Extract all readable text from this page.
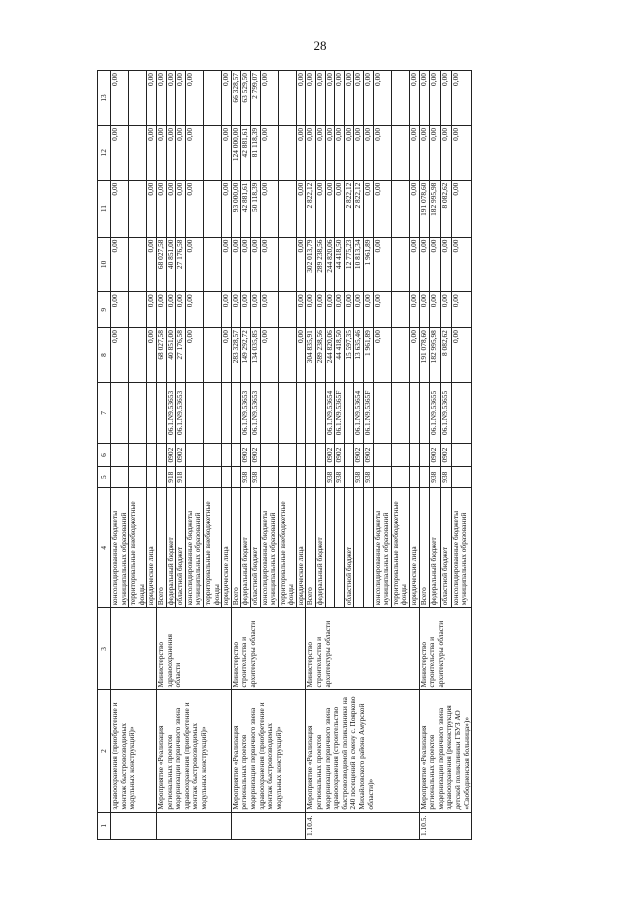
28
1	2	3	4	5	6	7	8	9	10	11	12	13
	здравоохранения (приобретение и монтаж быстровозводимых модульных конструкций)»		консолидированные бюджеты муниципальных образований				0,00	0,00	0,00	0,00	0,00	0,00
			территориальные внебюджетные фонды									
			юридические лица				0,00	0,00	0,00	0,00	0,00	0,00
	Мероприятие «Реализация региональных проектов модернизации первичного звена здравоохранения (приобретение и монтаж быстровозводимых модульных конструкций)»	Министерство здравоохранения области	Всего				68 027,58	0,00	68 027,58	0,00	0,00	0,00
			федеральный бюджет	918	0902	06.1.N9.53653	40 851,00	0,00	40 851,00	0,00	0,00	0,00
			областной бюджет	918	0902	06.1.N9.53653	27 176,58	0,00	27 176,58	0,00	0,00	0,00
			консолидированные бюджеты муниципальных образований				0,00	0,00	0,00	0,00	0,00	0,00
			территориальные внебюджетные фонды									
			юридические лица				0,00	0,00	0,00	0,00	0,00	0,00
	Мероприятие «Реализация региональных проектов модернизации первичного звена здравоохранения (приобретение и монтаж быстровозводимых модульных конструкций)»	Министерство строительства и архитектуры области	Всего				283 328,57	0,00	0,00	93 000,00	124 000,00	66 328,57
			федеральный бюджет	938	0902	06.1.N9.53653	149 292,72	0,00	0,00	42 881,61	42 881,61	63 529,50
			областной бюджет	938	0902	06.1.N9.53653	134 035,85	0,00	0,00	50 118,39	81 118,39	2 799,07
			консолидированные бюджеты муниципальных образований				0,00	0,00	0,00	0,00	0,00	0,00
			территориальные внебюджетные фонды									
			юридические лица				0,00	0,00	0,00	0,00	0,00	0,00
1.10.4.	Мероприятие «Реализация региональных проектов модернизации первичного звена здравоохранения (строительство быстровозводимой поликлиники на 240 посещений в смену с. Поярково Михайловского района Амурской области)»	Министерство строительства и архитектуры области	Всего				304 835,91	0,00	302 013,79	2 822,12	0,00	0,00
			федеральный бюджет				289 238,56	0,00	289 238,56	0,00	0,00	0,00
				938	0902	06.1.N9.53654	244 820,06	0,00	244 820,06	0,00	0,00	0,00
				938	0902	06.1.N9.5365F	44 418,50	0,00	44 418,50	0,00	0,00	0,00
			областной бюджет				15 597,35	0,00	12 775,23	2 822,12	0,00	0,00
				938	0902	06.1.N9.53654	13 635,46	0,00	10 813,34	2 822,12	0,00	0,00
				938	0902	06.1.N9.5365F	1 961,89	0,00	1 961,89	0,00	0,00	0,00
			консолидированные бюджеты муниципальных образований				0,00	0,00	0,00	0,00	0,00	0,00
			территориальные внебюджетные фонды									
			юридические лица				0,00	0,00	0,00	0,00	0,00	0,00
1.10.5.	Мероприятие «Реализация региональных проектов модернизации первичного звена здравоохранения (реконструкция детской поликлиники ГБУЗ АО «Свободненская больница»)»	Министерство строительства и архитектуры области	Всего				191 078,60	0,00	0,00	191 078,60	0,00	0,00
			федеральный бюджет	938	0902	06.1.N9.53655	182 995,98	0,00	0,00	182 995,98	0,00	0,00
			областной бюджет	938	0902	06.1.N9.53655	8 082,62	0,00	0,00	8 082,62	0,00	0,00
			консолидированные бюджеты муниципальных образований				0,00	0,00	0,00	0,00	0,00	0,00
